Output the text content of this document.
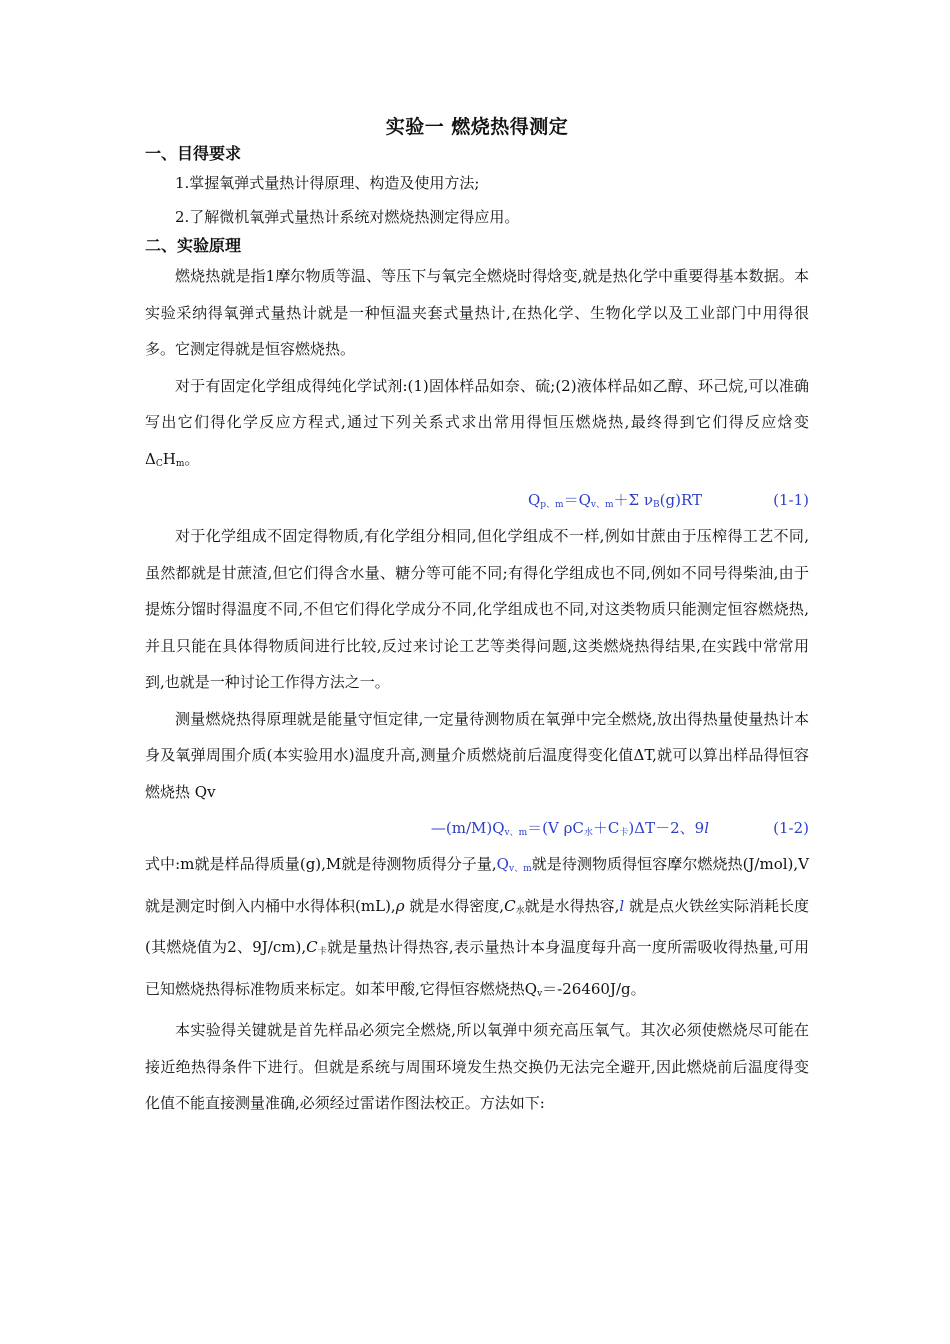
实验一 燃烧热得测定
一、目得要求

1.掌握氧弹式量热计得原理、构造及使用方法;

2.了解微机氧弹式量热计系统对燃烧热测定得应用。

二、实验原理

燃烧热就是指1摩尔物质等温、等压下与氧完全燃烧时得焓变,就是热化学中重要得基本数据。本实验采纳得氧弹式量热计就是一种恒温夹套式量热计,在热化学、生物化学以及工业部门中用得很多。它测定得就是恒容燃烧热。

对于有固定化学组成得纯化学试剂:(1)固体样品如奈、硫;(2)液体样品如乙醇、环己烷,可以准确写出它们得化学反应方程式,通过下列关系式求出常用得恒压燃烧热,最终得到它们得反应焓变 $\Delta_CH_m$。

$Q_{p、m}=Q_{v、m}+\Sigma$ $\nu_B(g)RT$	(1-1)

对于化学组成不固定得物质,有化学组分相同,但化学组成不一样,例如甘蔗由于压榨得工艺不同,虽然都就是甘蔗渣,但它们得含水量、糖分等可能不同;有得化学组成也不同,例如不同号得柴油,由于提炼分馏时得温度不同,不但它们得化学成分不同,化学组成也不同,对这类物质只能测定恒容燃烧热,并且只能在具体得物质间进行比较,反过来讨论工艺等类得问题,这类燃烧热得结果,在实践中常常用到,也就是一种讨论工作得方法之一。

测量燃烧热得原理就是能量守恒定律,一定量待测物质在氧弹中完全燃烧,放出得热量使量热计本身及氧弹周围介质(本实验用水)温度升高,测量介质燃烧前后温度得变化值ΔT,就可以算出样品得恒容燃烧热 Qv

$—(m/M)Q_{v、m}=(V$ $\rho C_水+C_卡)\Delta T-2$、9l	(1-2)

式中:m就是样品得质量(g),M就是待测物质得分子量$,Q_{v、m}$就是待测物质得恒容摩尔燃烧热(J/mol),V就是测定时倒入内桶中水得体积(mL),ρ 就是水得密度$,C_水$就是水得热容,l 就是点火铁丝实际消耗长度(其燃烧值为2、$9J/cm),C_卡$就是量热计得热容,表示量热计本身温度每升高一度所需吸收得热量,可用已知燃烧热得标准物质来标定。如苯甲酸,它得恒容燃烧热$Q_v=-26460J/g$。

本实验得关键就是首先样品必须完全燃烧,所以氧弹中须充高压氧气。其次必须使燃烧尽可能在接近绝热得条件下进行。但就是系统与周围环境发生热交换仍无法完全避开,因此燃烧前后温度得变化值不能直接测量准确,必须经过雷诺作图法校正。方法如下:
